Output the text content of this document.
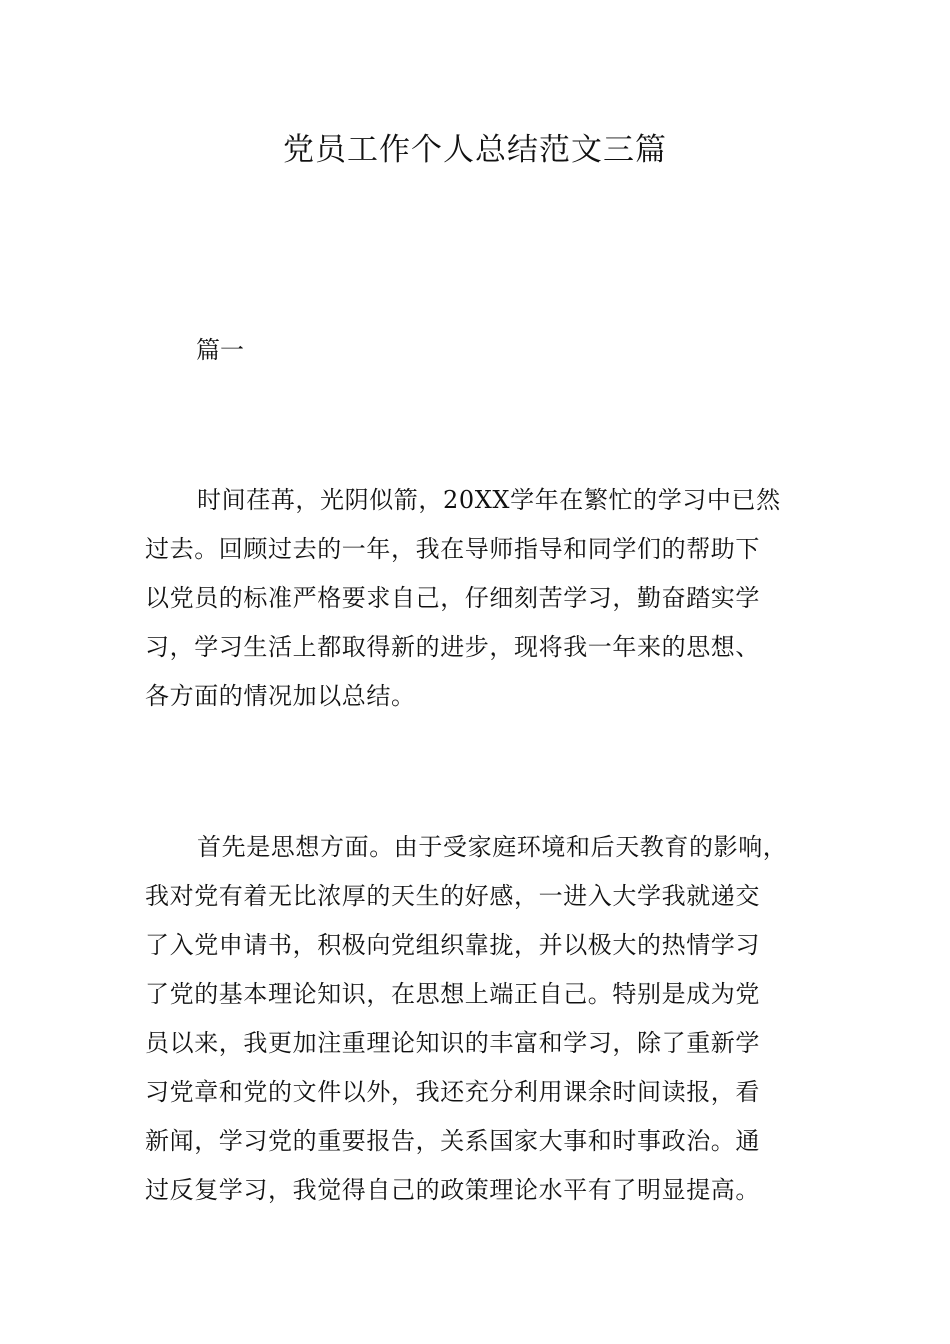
党员工作个人总结范文三篇
篇一
时间荏苒，光阴似箭，20XX学年在繁忙的学习中已然
过去。回顾过去的一年，我在导师指导和同学们的帮助下
以党员的标准严格要求自己，仔细刻苦学习，勤奋踏实学
习，学习生活上都取得新的进步，现将我一年来的思想、
各方面的情况加以总结。
首先是思想方面。由于受家庭环境和后天教育的影响，
我对党有着无比浓厚的天生的好感，一进入大学我就递交
了入党申请书，积极向党组织靠拢，并以极大的热情学习
了党的基本理论知识，在思想上端正自己。特别是成为党
员以来，我更加注重理论知识的丰富和学习，除了重新学
习党章和党的文件以外，我还充分利用课余时间读报，看
新闻，学习党的重要报告，关系国家大事和时事政治。通
过反复学习，我觉得自己的政策理论水平有了明显提高。
